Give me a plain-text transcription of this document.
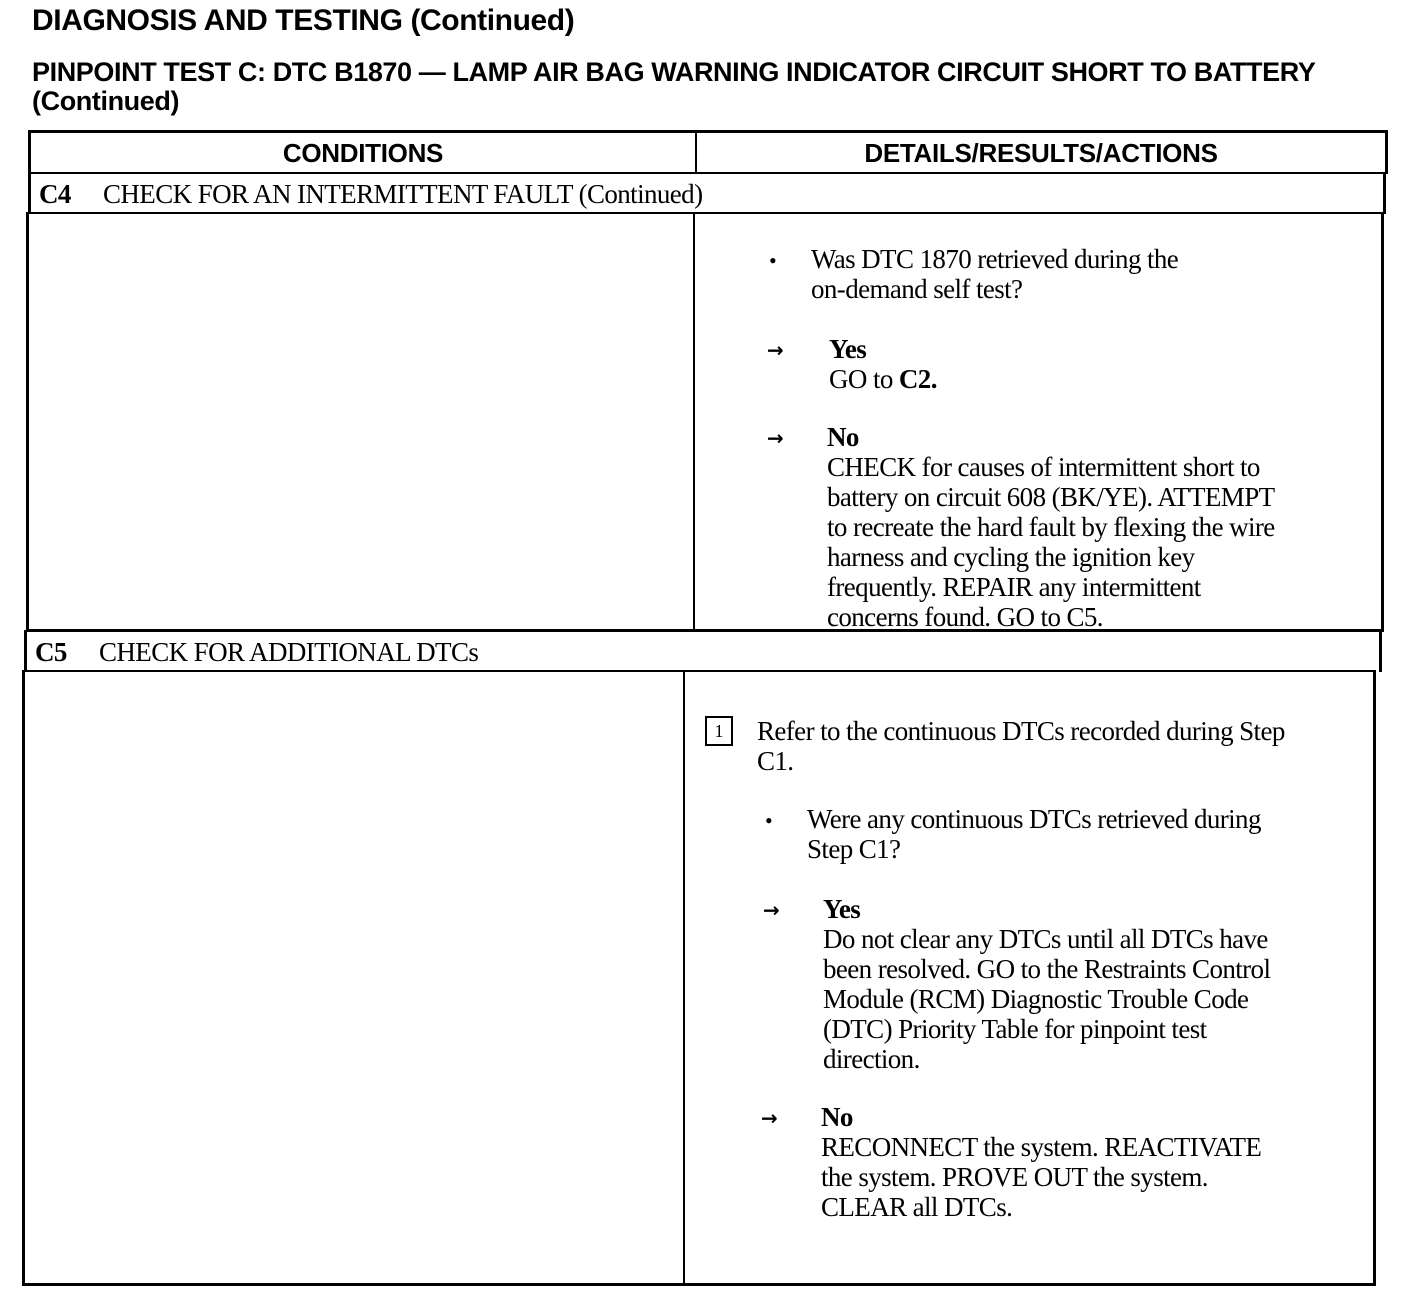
DIAGNOSIS AND TESTING (Continued)
PINPOINT TEST C: DTC B1870 — LAMP AIR BAG WARNING INDICATOR CIRCUIT SHORT TO BATTERY (Continued)
CONDITIONS	DETAILS/RESULTS/ACTIONS
C4	CHECK FOR AN INTERMITTENT FAULT (Continued)
• Was DTC 1870 retrieved during the
on-demand self test?
→ Yes
GO to C2.
→ No
CHECK for causes of intermittent short to
battery on circuit 608 (BK/YE). ATTEMPT
to recreate the hard fault by flexing the wire
harness and cycling the ignition key
frequently. REPAIR any intermittent
concerns found. GO to C5.
C5	CHECK FOR ADDITIONAL DTCs
1	Refer to the continuous DTCs recorded during Step
C1.
• Were any continuous DTCs retrieved during
Step C1?
→ Yes
Do not clear any DTCs until all DTCs have
been resolved. GO to the Restraints Control
Module (RCM) Diagnostic Trouble Code
(DTC) Priority Table for pinpoint test
direction.
→ No
RECONNECT the system. REACTIVATE
the system. PROVE OUT the system.
CLEAR all DTCs.
